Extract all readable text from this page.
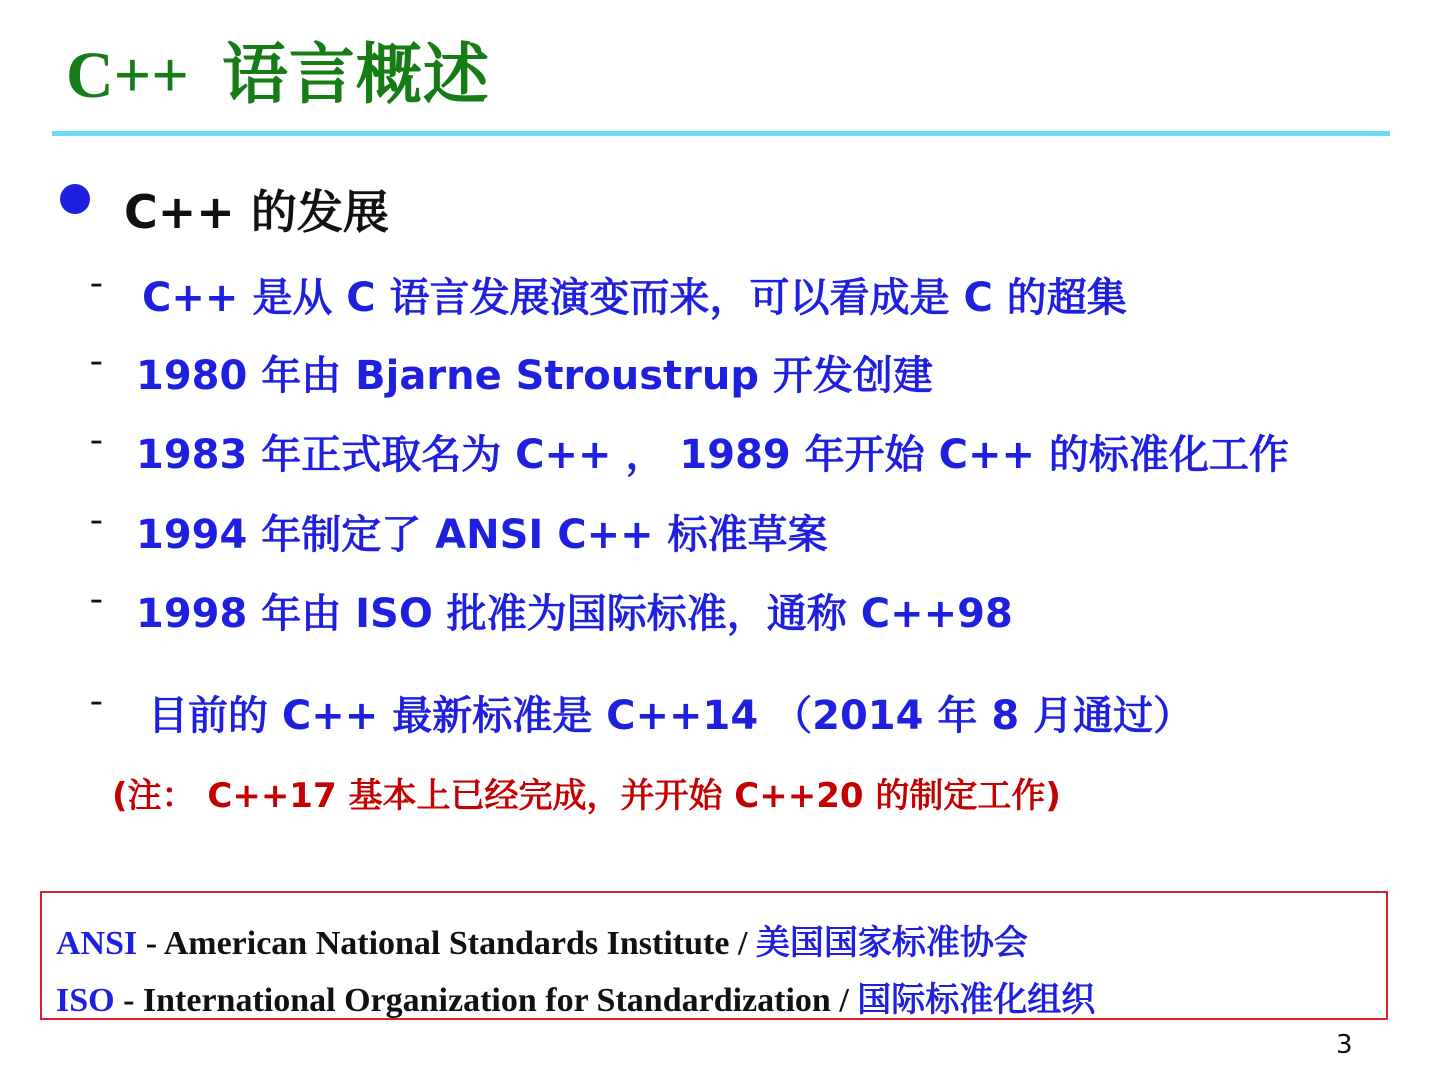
C++ 语言概述
C++ 的发展
- C++ 是从 C 语言发展演变而来，可以看成是 C 的超集
- 1980 年由 Bjarne Stroustrup 开发创建
- 1983 年正式取名为 C++ ， 1989 年开始 C++ 的标准化工作
- 1994 年制定了 ANSI C++ 标准草案
- 1998 年由 ISO 批准为国际标准，通称 C++98
- 目前的 C++ 最新标准是 C++14 （2014 年 8 月通过）
(注： C++17 基本上已经完成，并开始 C++20 的制定工作)
ANSI - American National Standards Institute / 美国国家标准协会
ISO - International Organization for Standardization / 国际标准化组织
3
